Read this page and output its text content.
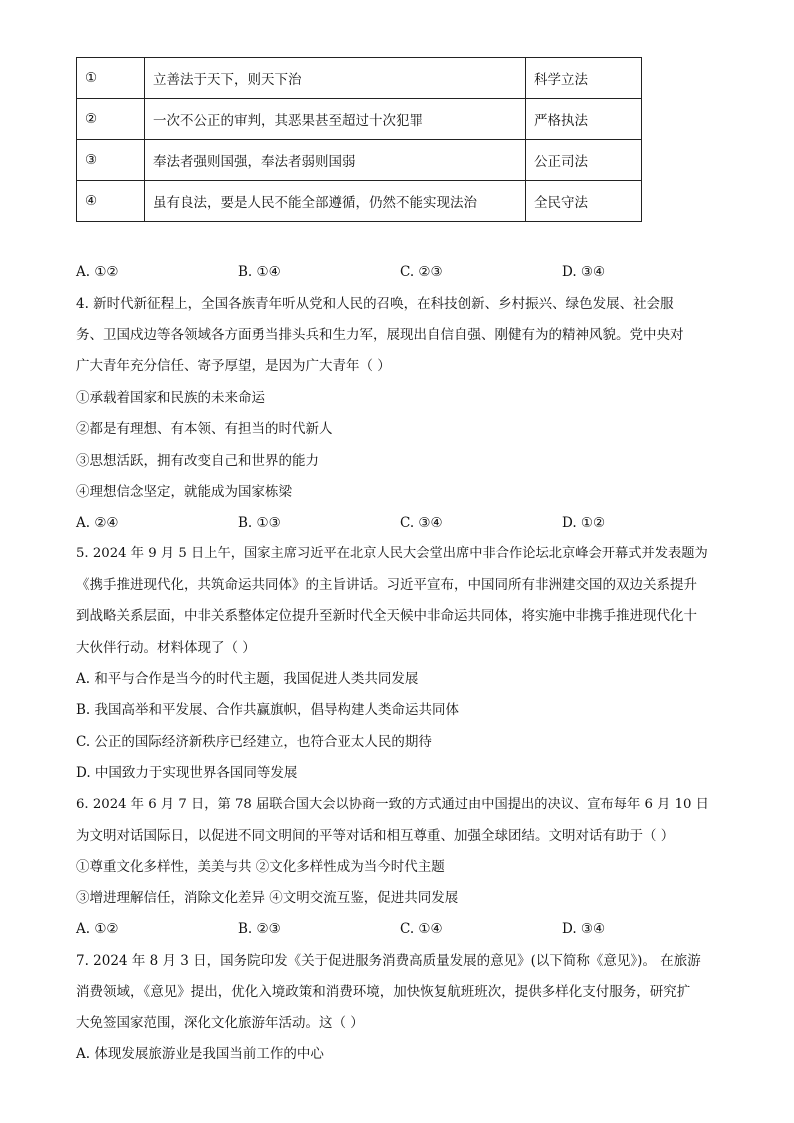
①	立善法于天下，则天下治	科学立法
②	一次不公正的审判，其恶果甚至超过十次犯罪	严格执法
③	奉法者强则国强，奉法者弱则国弱	公正司法
④	虽有良法，要是人民不能全部遵循，仍然不能实现法治	全民守法
A. ①②	B. ①④	C. ②③	D. ③④
4. 新时代新征程上，全国各族青年听从党和人民的召唤，在科技创新、乡村振兴、绿色发展、社会服
务、卫国戍边等各领域各方面勇当排头兵和生力军，展现出自信自强、刚健有为的精神风貌。党中央对
广大青年充分信任、寄予厚望，是因为广大青年（ ）
①承载着国家和民族的未来命运
②都是有理想、有本领、有担当的时代新人
③思想活跃，拥有改变自己和世界的能力
④理想信念坚定，就能成为国家栋梁
A. ②④	B. ①③	C. ③④	D. ①②
5. 2024 年 9 月 5 日上午，国家主席习近平在北京人民大会堂出席中非合作论坛北京峰会开幕式并发表题为
《携手推进现代化，共筑命运共同体》的主旨讲话。习近平宣布，中国同所有非洲建交国的双边关系提升
到战略关系层面，中非关系整体定位提升至新时代全天候中非命运共同体，将实施中非携手推进现代化十
大伙伴行动。材料体现了（ ）
A. 和平与合作是当今的时代主题，我国促进人类共同发展
B. 我国高举和平发展、合作共赢旗帜，倡导构建人类命运共同体
C. 公正的国际经济新秩序已经建立，也符合亚太人民的期待
D. 中国致力于实现世界各国同等发展
6. 2024 年 6 月 7 日，第 78 届联合国大会以协商一致的方式通过由中国提出的决议、宣布每年 6 月 10 日
为文明对话国际日，以促进不同文明间的平等对话和相互尊重、加强全球团结。文明对话有助于（ ）
①尊重文化多样性，美美与共 ②文化多样性成为当今时代主题
③增进理解信任，消除文化差异 ④文明交流互鉴，促进共同发展
A. ①②	B. ②③	C. ①④	D. ③④
7. 2024 年 8 月 3 日，国务院印发《关于促进服务消费高质量发展的意见》(以下简称《意见》)。 在旅游
消费领域，《意见》提出，优化入境政策和消费环境，加快恢复航班班次，提供多样化支付服务，研究扩
大免签国家范围，深化文化旅游年活动。这（ ）
A. 体现发展旅游业是我国当前工作的中心
